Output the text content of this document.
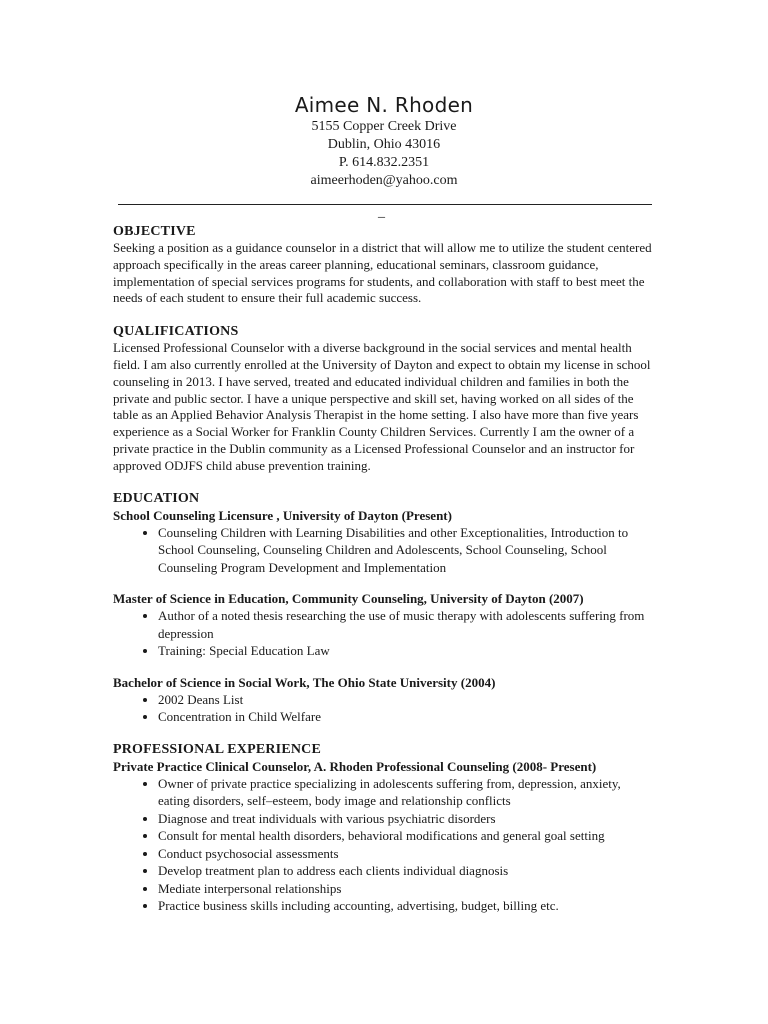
Aimee N. Rhoden

5155 Copper Creek Drive
Dublin, Ohio 43016
P. 614.832.2351
aimeerhoden@yahoo.com
_

OBJECTIVE

Seeking a position as a guidance counselor in a district that will allow me to utilize the student centered approach specifically in the areas career planning, educational seminars, classroom guidance, implementation of special services programs for students, and collaboration with staff to best meet the needs of each student to ensure their full academic success.

QUALIFICATIONS

Licensed Professional Counselor with a diverse background in the social services and mental health field. I am also currently enrolled at the University of Dayton and expect to obtain my license in school counseling in 2013. I have served, treated and educated individual children and families in both the private and public sector. I have a unique perspective and skill set, having worked on all sides of the table as an Applied Behavior Analysis Therapist in the home setting. I also have more than five years experience as a Social Worker for Franklin County Children Services. Currently I am the owner of a private practice in the Dublin community as a Licensed Professional Counselor and an instructor for approved ODJFS child abuse prevention training.

EDUCATION

School Counseling Licensure , University of Dayton (Present)

• Counseling Children with Learning Disabilities and other Exceptionalities, Introduction to School Counseling, Counseling Children and Adolescents, School Counseling, School Counseling Program Development and Implementation

Master of Science in Education, Community Counseling, University of Dayton (2007)

• Author of a noted thesis researching the use of music therapy with adolescents suffering from depression
• Training: Special Education Law

Bachelor of Science in Social Work, The Ohio State University (2004)

• 2002 Deans List
• Concentration in Child Welfare

PROFESSIONAL EXPERIENCE

Private Practice Clinical Counselor, A. Rhoden Professional Counseling (2008- Present)

• Owner of private practice specializing in adolescents suffering from, depression, anxiety, eating disorders, self–esteem, body image and relationship conflicts
• Diagnose and treat individuals with various psychiatric disorders
• Consult for mental health disorders, behavioral modifications and general goal setting
• Conduct psychosocial assessments
• Develop treatment plan to address each clients individual diagnosis
• Mediate interpersonal relationships
• Practice business skills including accounting, advertising, budget, billing etc.
